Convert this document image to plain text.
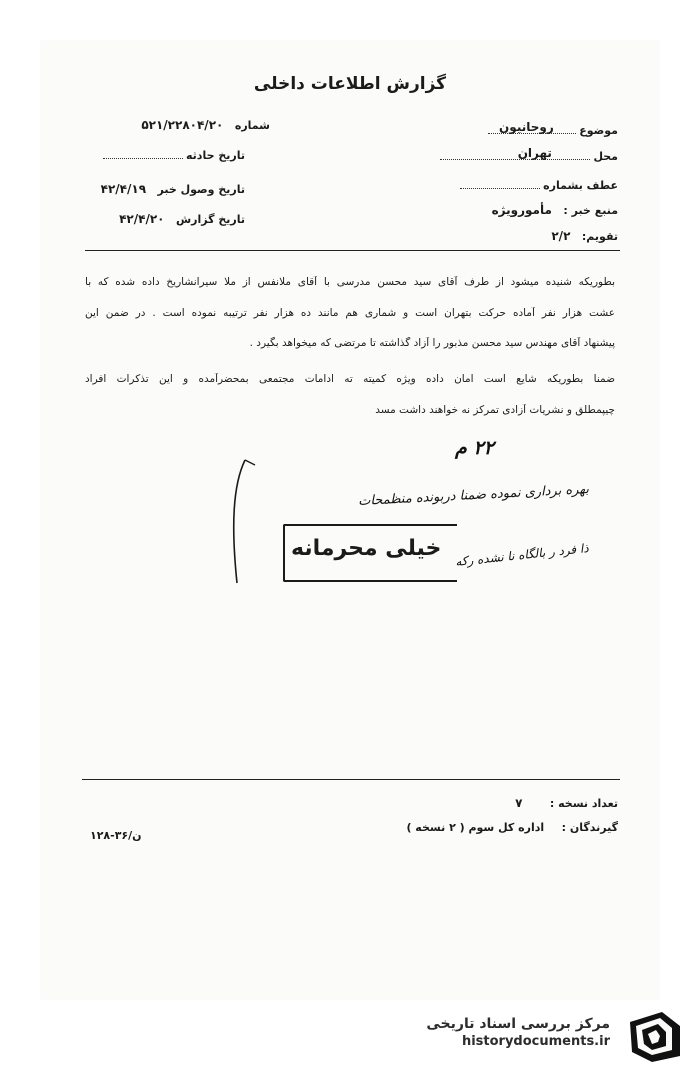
گزارش اطلاعات داخلی
موضوع
روحانیون
محل
تهران
عطف بشماره
منبع خبر : مأمورویژه
تقویم: ۲/۲
شماره ۵۲۱/۲۲۸۰۴/۲۰
تاریخ حادثه
تاریخ وصول خبر ۴۲/۴/۱۹
تاریخ گزارش ۴۲/۴/۲۰
بطوریکه شنیده میشود از طرف آقای سید محسن مدرسی با آقای ملانفس از ملا سیرانشاریخ داده شده که با
عشت هزار نفر آماده حرکت بتهران است و شماری هم مانند ده هزار نفر ترتیبه نموده است . در ضمن این
پیشنهاد آقای مهندس سید محسن مذبور را آزاد گذاشته تا مرتضی که میخواهد بگیرد .
ضمنا بطوریکه شایع است امان داده ویژه کمیته ته ادامات مجتمعی بمحضرآمده و این تذکرات افراد
چیپمطلق و نشریات آزادی تمرکز نه خواهند داشت مسد
۲۲ م
بهره برداری نموده ضمنا دربونده منظمحات
ذا فرد ر بالگاه نا نشده رکه
خیلی محرمانه
تعداد نسخه : ۷
گیرندگان : اداره کل سوم ( ۲ نسخه )
۱۲۸-۳۶/ن
مرکز بررسی اسناد تاریخی
historydocuments.ir
